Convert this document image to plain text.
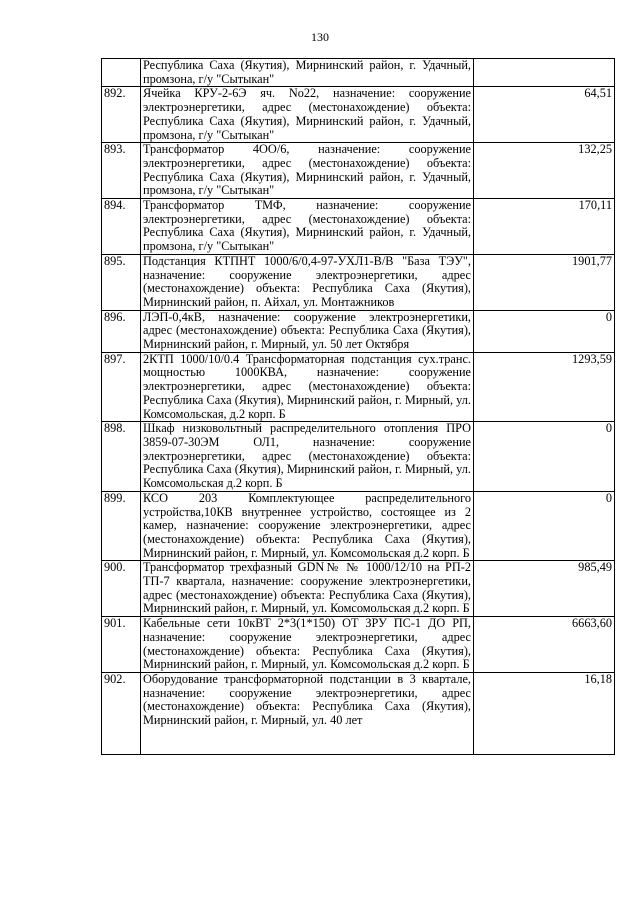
130
	Республика Саха (Якутия), Мирнинский район, г. Удачный, промзона, г/у "Сытыкан"	
892.	Ячейка КРУ-2-6Э яч. No22, назначение: сооружение электроэнергетики, адрес (местонахождение) объекта: Республика Саха (Якутия), Мирнинский район, г. Удачный, промзона, г/у "Сытыкан"	64,51
893.	Трансформатор 4ОО/6, назначение: сооружение электроэнергетики, адрес (местонахождение) объекта: Республика Саха (Якутия), Мирнинский район, г. Удачный, промзона, г/у "Сытыкан"	132,25
894.	Трансформатор ТМФ, назначение: сооружение электроэнергетики, адрес (местонахождение) объекта: Республика Саха (Якутия), Мирнинский район, г. Удачный, промзона, г/у "Сытыкан"	170,11
895.	Подстанция КТПНТ 1000/6/0,4-97-УХЛ1-В/В "База ТЭУ", назначение: сооружение электроэнергетики, адрес (местонахождение) объекта: Республика Саха (Якутия), Мирнинский район, п. Айхал, ул. Монтажников	1901,77
896.	ЛЭП-0,4кВ, назначение: сооружение электроэнергетики, адрес (местонахождение) объекта: Республика Саха (Якутия), Мирнинский район, г. Мирный, ул. 50 лет Октября	0
897.	2КТП 1000/10/0.4 Трансформаторная подстанция сух.транс. мощностью 1000КВА, назначение: сооружение электроэнергетики, адрес (местонахождение) объекта: Республика Саха (Якутия), Мирнинский район, г. Мирный, ул. Комсомольская, д.2 корп. Б	1293,59
898.	Шкаф низковольтный распределительного отопления ПРО 3859-07-30ЭМ ОЛ1, назначение: сооружение электроэнергетики, адрес (местонахождение) объекта: Республика Саха (Якутия), Мирнинский район, г. Мирный, ул. Комсомольская д.2 корп. Б	0
899.	КСО 203 Комплектующее распределительного устройства,10КВ внутреннее устройство, состоящее из 2 камер, назначение: сооружение электроэнергетики, адрес (местонахождение) объекта: Республика Саха (Якутия), Мирнинский район, г. Мирный, ул. Комсомольская д.2 корп. Б	0
900.	Трансформатор трехфазный GDN№ № 1000/12/10 на РП-2 ТП-7 квартала, назначение: сооружение электроэнергетики, адрес (местонахождение) объекта: Республика Саха (Якутия), Мирнинский район, г. Мирный, ул. Комсомольская д.2 корп. Б	985,49
901.	Кабельные сети 10кВТ 2*3(1*150) ОТ ЗРУ ПС-1 ДО РП, назначение: сооружение электроэнергетики, адрес (местонахождение) объекта: Республика Саха (Якутия), Мирнинский район, г. Мирный, ул. Комсомольская д.2 корп. Б	6663,60
902.	Оборудование трансформаторной подстанции в 3 квартале, назначение: сооружение электроэнергетики, адрес (местонахождение) объекта: Республика Саха (Якутия), Мирнинский район, г. Мирный, ул. 40 лет	16,18
